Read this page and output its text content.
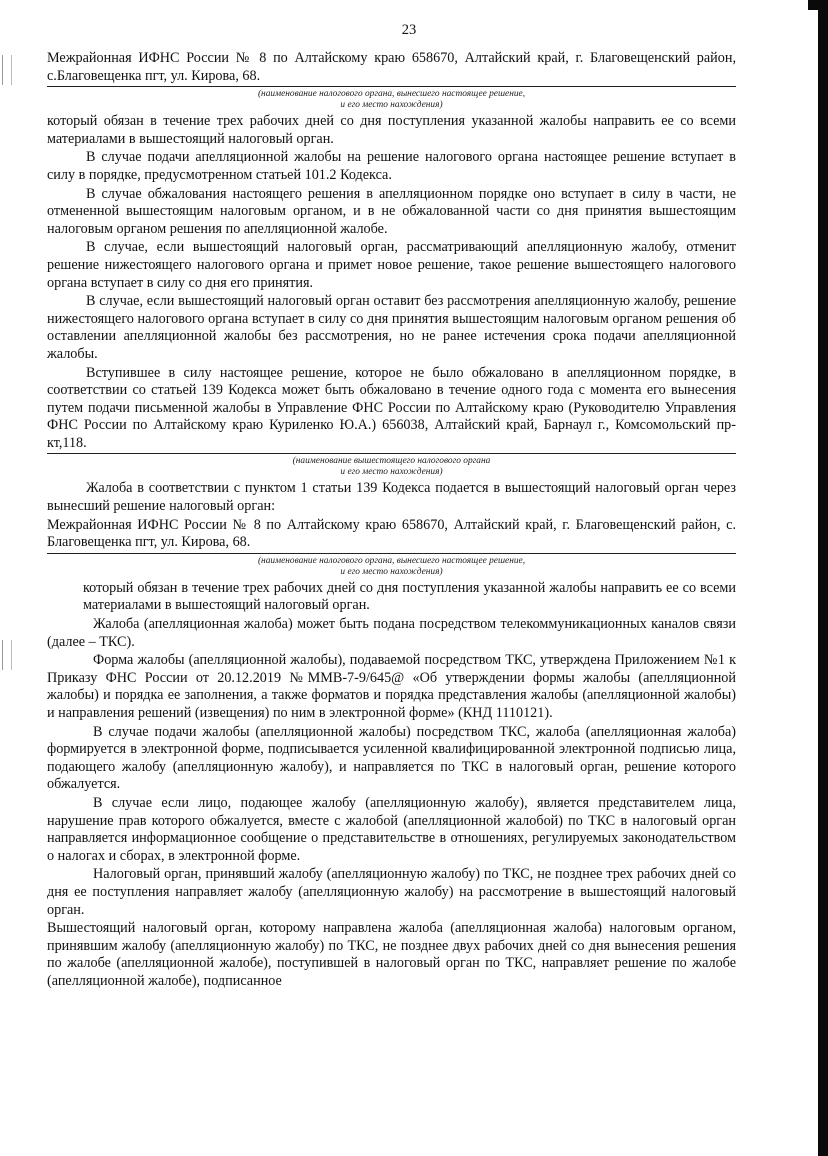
23
Межрайонная ИФНС России № 8 по Алтайскому краю 658670, Алтайский край, г. Благовещенский район, с.Благовещенка пгт, ул. Кирова, 68.
(наименование налогового органа, вынесшего настоящее решение,
и его место нахождения)
который обязан в течение трех рабочих дней со дня поступления указанной жалобы направить ее со всеми материалами в вышестоящий налоговый орган.
В случае подачи апелляционной жалобы на решение налогового органа настоящее решение вступает в силу в порядке, предусмотренном статьей 101.2 Кодекса.
В случае обжалования настоящего решения в апелляционном порядке оно вступает в силу в части, не отмененной вышестоящим налоговым органом, и в не обжалованной части со дня принятия вышестоящим налоговым органом решения по апелляционной жалобе.
В случае, если вышестоящий налоговый орган, рассматривающий апелляционную жалобу, отменит решение нижестоящего налогового органа и примет новое решение, такое решение вышестоящего налогового органа вступает в силу со дня его принятия.
В случае, если вышестоящий налоговый орган оставит без рассмотрения апелляционную жалобу, решение нижестоящего налогового органа вступает в силу со дня принятия вышестоящим налоговым органом решения об оставлении апелляционной жалобы без рассмотрения, но не ранее истечения срока подачи апелляционной жалобы.
Вступившее в силу настоящее решение, которое не было обжаловано в апелляционном порядке, в соответствии со статьей 139 Кодекса может быть обжаловано в течение одного года с момента его вынесения путем подачи письменной жалобы в Управление ФНС России по Алтайскому краю (Руководителю Управления ФНС России по Алтайскому краю Куриленко Ю.А.) 656038, Алтайский край, Барнаул г., Комсомольский пр-кт,118.
(наименование вышестоящего налогового органа
и его место нахождения)
Жалоба в соответствии с пунктом 1 статьи 139 Кодекса подается в вышестоящий налоговый орган через вынесший решение налоговый орган:
Межрайонная ИФНС России № 8 по Алтайскому краю 658670, Алтайский край, г. Благовещенский район, с. Благовещенка пгт, ул. Кирова, 68.
(наименование налогового органа, вынесшего настоящее решение,
и его место нахождения)
который обязан в течение трех рабочих дней со дня поступления указанной жалобы направить ее со всеми материалами в вышестоящий налоговый орган.
Жалоба (апелляционная жалоба) может быть подана посредством телекоммуникационных каналов связи (далее – ТКС).
Форма жалобы (апелляционной жалобы), подаваемой посредством ТКС, утверждена Приложением №1 к Приказу ФНС России от 20.12.2019 №ММВ-7-9/645@ «Об утверждении формы жалобы (апелляционной жалобы) и порядка ее заполнения, а также форматов и порядка представления жалобы (апелляционной жалобы) и направления решений (извещения) по ним в электронной форме» (КНД 1110121).
В случае подачи жалобы (апелляционной жалобы) посредством ТКС, жалоба (апелляционная жалоба) формируется в электронной форме, подписывается усиленной квалифицированной электронной подписью лица, подающего жалобу (апелляционную жалобу), и направляется по ТКС в налоговый орган, решение которого обжалуется.
В случае если лицо, подающее жалобу (апелляционную жалобу), является представителем лица, нарушение прав которого обжалуется, вместе с жалобой (апелляционной жалобой) по ТКС в налоговый орган направляется информационное сообщение о представительстве в отношениях, регулируемых законодательством о налогах и сборах, в электронной форме.
Налоговый орган, принявший жалобу (апелляционную жалобу) по ТКС, не позднее трех рабочих дней со дня ее поступления направляет жалобу (апелляционную жалобу) на рассмотрение в вышестоящий налоговый орган.
Вышестоящий налоговый орган, которому направлена жалоба (апелляционная жалоба) налоговым органом, принявшим жалобу (апелляционную жалобу) по ТКС, не позднее двух рабочих дней со дня вынесения решения по жалобе (апелляционной жалобе), поступившей в налоговый орган по ТКС, направляет решение по жалобе (апелляционной жалобе), подписанное
